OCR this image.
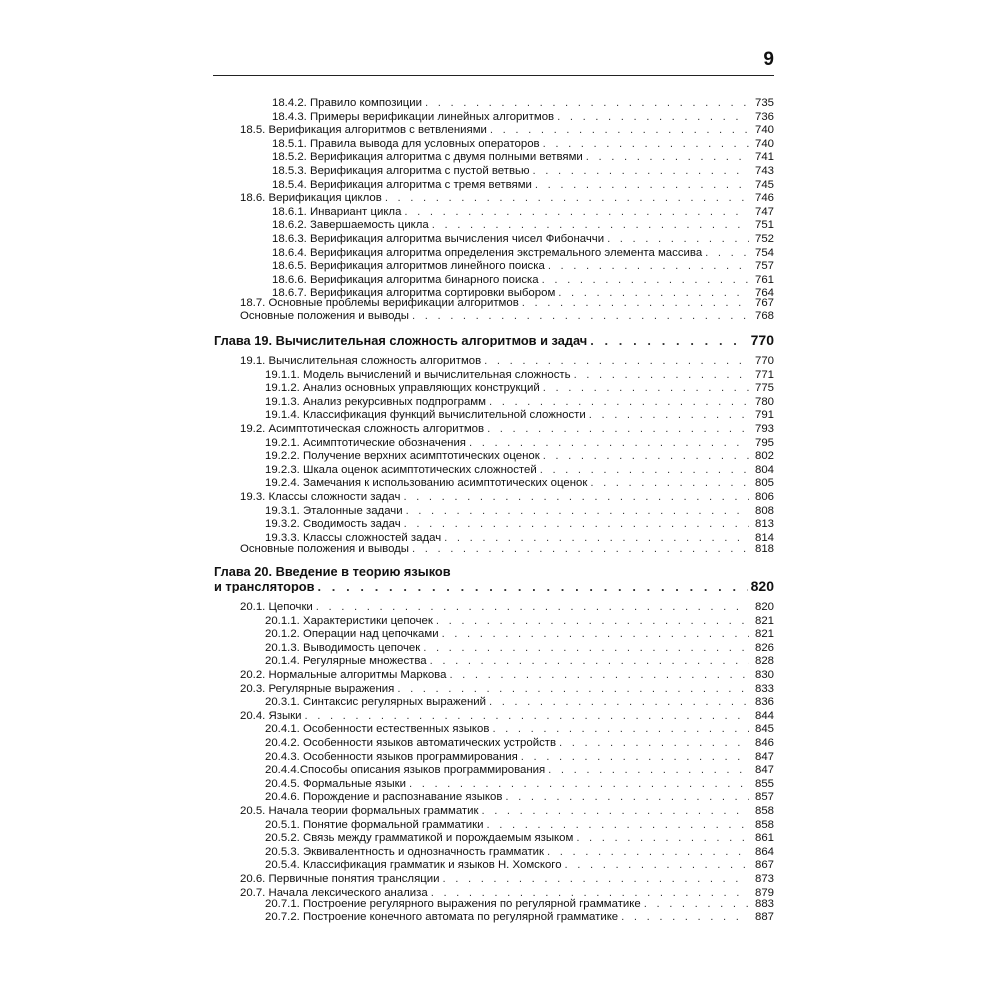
9
18.4.2. Правило композиции . . .	735
18.4.3. Примеры верификации линейных алгоритмов . . .	736
18.5. Верификация алгоритмов с ветвлениями . . .	740
18.5.1. Правила вывода для условных операторов . . .	740
18.5.2. Верификация алгоритма с двумя полными ветвями . . .	741
18.5.3. Верификация алгоритма с пустой ветвью . . .	743
18.5.4. Верификация алгоритма с тремя ветвями . . .	745
18.6. Верификация циклов . . .	746
18.6.1. Инвариант цикла . . .	747
18.6.2. Завершаемость цикла . . .	751
18.6.3. Верификация алгоритма вычисления чисел Фибоначчи . . .	752
18.6.4. Верификация алгоритма определения экстремального элемента массива . . .	754
18.6.5. Верификация алгоритмов линейного поиска . . .	757
18.6.6. Верификация алгоритма бинарного поиска . . .	761
18.6.7. Верификация алгоритма сортировки выбором . . .	764
18.7. Основные проблемы верификации алгоритмов . . .	767
Основные положения и выводы . . .	768
Глава 19. Вычислительная сложность алгоритмов и задач . . .	770
19.1. Вычислительная сложность алгоритмов . . .	770
19.1.1. Модель вычислений и вычислительная сложность . . .	771
19.1.2. Анализ основных управляющих конструкций . . .	775
19.1.3. Анализ рекурсивных подпрограмм . . .	780
19.1.4. Классификация функций вычислительной сложности . . .	791
19.2. Асимптотическая сложность алгоритмов . . .	793
19.2.1. Асимптотические обозначения . . .	795
19.2.2. Получение верхних асимптотических оценок . . .	802
19.2.3. Шкала оценок асимптотических сложностей . . .	804
19.2.4. Замечания к использованию асимптотических оценок . . .	805
19.3. Классы сложности задач . . .	806
19.3.1. Эталонные задачи . . .	808
19.3.2. Сводимость задач . . .	813
19.3.3. Классы сложностей задач . . .	814
Основные положения и выводы . . .	818
Глава 20. Введение в теорию языков
и трансляторов . . .	820
20.1. Цепочки . . .	820
20.1.1. Характеристики цепочек . . .	821
20.1.2. Операции над цепочками . . .	821
20.1.3. Выводимость цепочек . . .	826
20.1.4. Регулярные множества . . .	828
20.2. Нормальные алгоритмы Маркова . . .	830
20.3. Регулярные выражения . . .	833
20.3.1. Синтаксис регулярных выражений . . .	836
20.4. Языки . . .	844
20.4.1. Особенности естественных языков . . .	845
20.4.2. Особенности языков автоматических устройств . . .	846
20.4.3. Особенности языков программирования . . .	847
20.4.4.Способы описания языков программирования . . .	847
20.4.5. Формальные языки . . .	855
20.4.6. Порождение и распознавание языков . . .	857
20.5. Начала теории формальных грамматик . . .	858
20.5.1. Понятие формальной грамматики . . .	858
20.5.2. Связь между грамматикой и порождаемым языком . . .	861
20.5.3. Эквивалентность и однозначность грамматик . . .	864
20.5.4. Классификация грамматик и языков Н. Хомского . . .	867
20.6. Первичные понятия трансляции . . .	873
20.7. Начала лексического анализа . . .	879
20.7.1. Построение регулярного выражения по регулярной грамматике . . .	883
20.7.2. Построение конечного автомата по регулярной грамматике . . .	887
